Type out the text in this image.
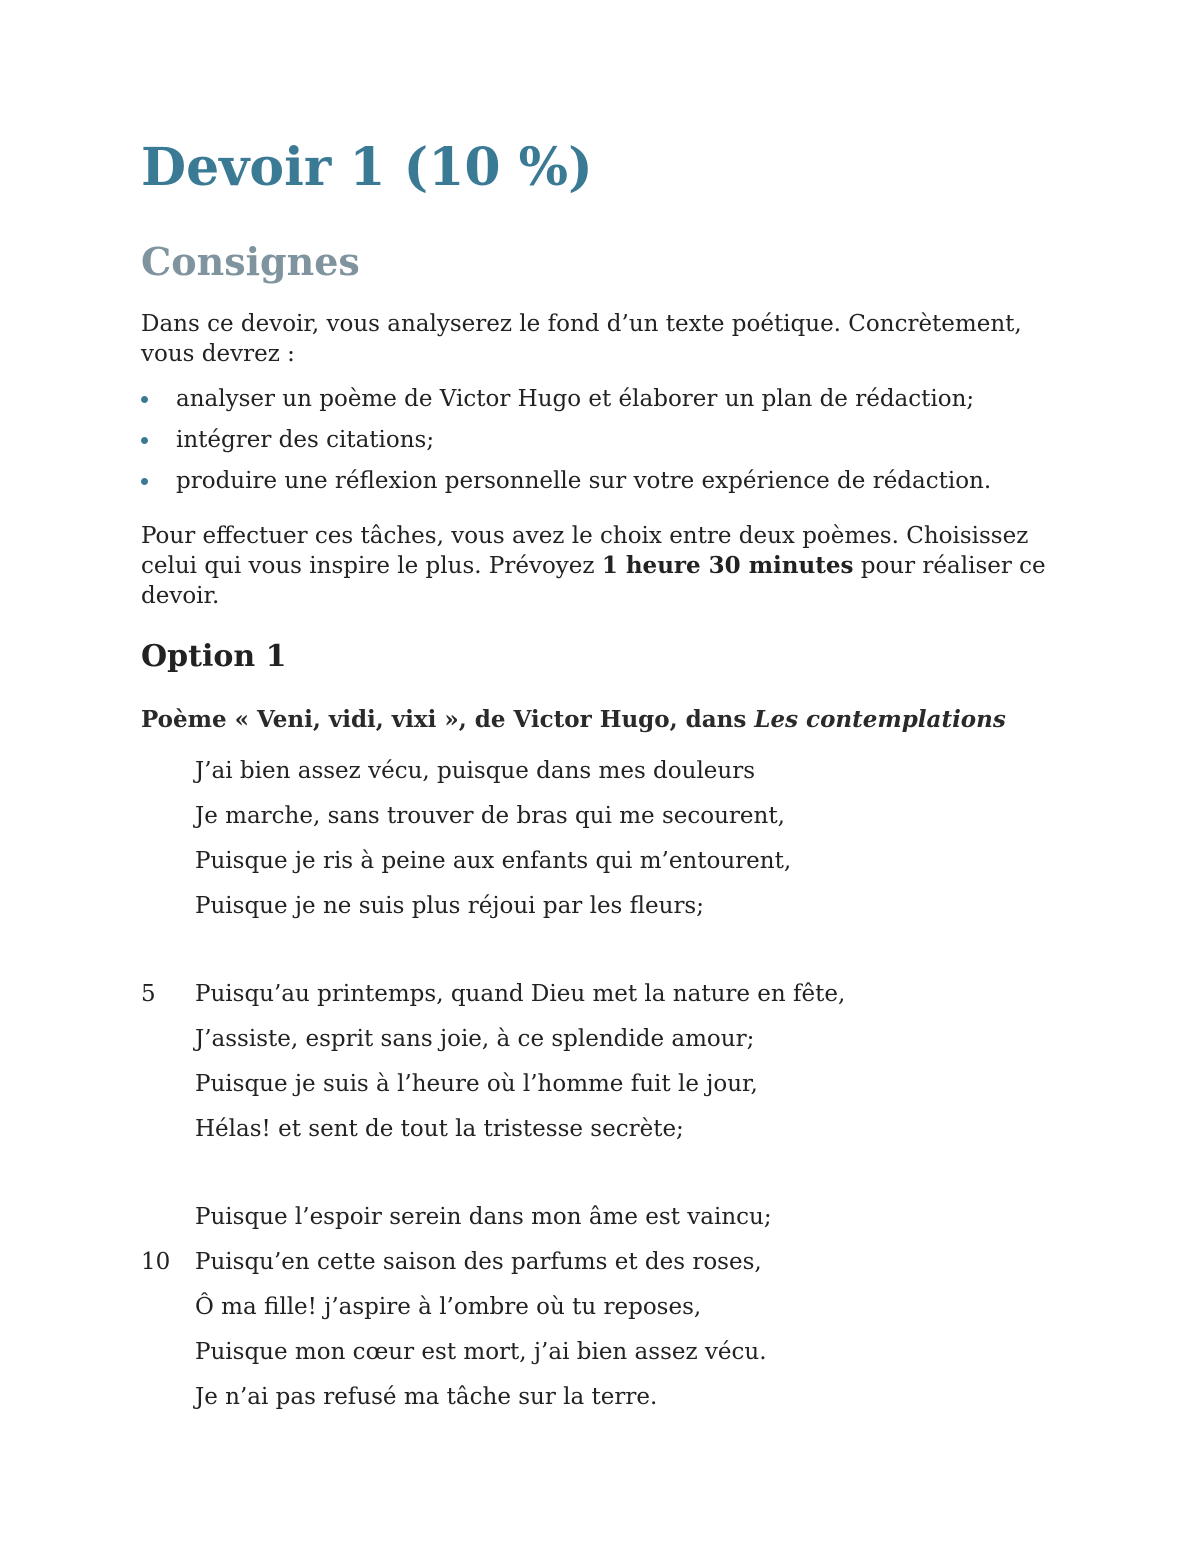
Devoir 1 (10 %)
Consignes

Dans ce devoir, vous analyserez le fond d’un texte poétique. Concrètement, vous devrez :

analyser un poème de Victor Hugo et élaborer un plan de rédaction;
intégrer des citations;
produire une réflexion personnelle sur votre expérience de rédaction.

Pour effectuer ces tâches, vous avez le choix entre deux poèmes. Choisissez celui qui vous inspire le plus. Prévoyez 1 heure 30 minutes pour réaliser ce devoir.

Option 1

Poème « Veni, vidi, vixi », de Victor Hugo, dans Les contemplations

J’ai bien assez vécu, puisque dans mes douleurs
Je marche, sans trouver de bras qui me secourent,
Puisque je ris à peine aux enfants qui m’entourent,
Puisque je ne suis plus réjoui par les fleurs;
5 Puisqu’au printemps, quand Dieu met la nature en fête,
J’assiste, esprit sans joie, à ce splendide amour;
Puisque je suis à l’heure où l’homme fuit le jour,
Hélas! et sent de tout la tristesse secrète;
Puisque l’espoir serein dans mon âme est vaincu;
10 Puisqu’en cette saison des parfums et des roses,
Ô ma fille! j’aspire à l’ombre où tu reposes,
Puisque mon cœur est mort, j’ai bien assez vécu.
Je n’ai pas refusé ma tâche sur la terre.
